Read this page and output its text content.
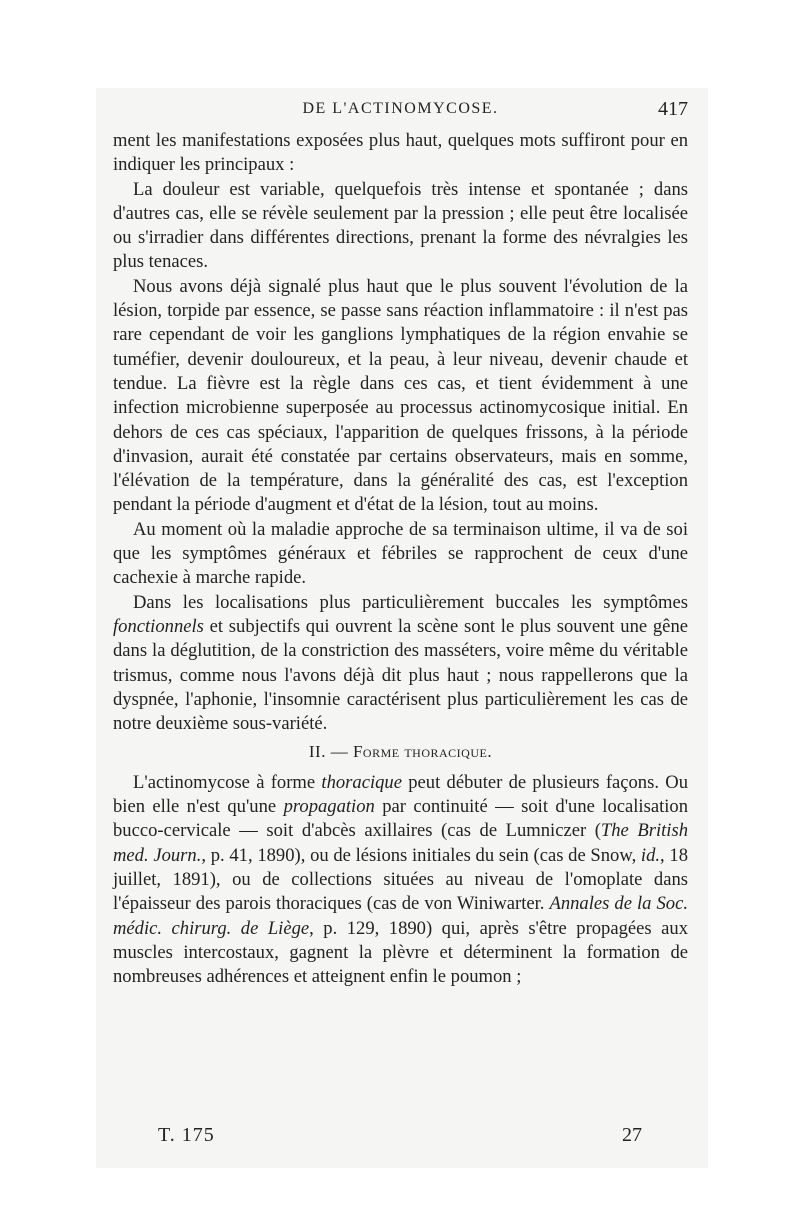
DE L'ACTINOMYCOSE.	417

ment les manifestations exposées plus haut, quelques mots suffiront pour en indiquer les principaux :

La douleur est variable, quelquefois très intense et spontanée ; dans d'autres cas, elle se révèle seulement par la pression ; elle peut être localisée ou s'irradier dans différentes directions, prenant la forme des névralgies les plus tenaces.

Nous avons déjà signalé plus haut que le plus souvent l'évolution de la lésion, torpide par essence, se passe sans réaction inflammatoire : il n'est pas rare cependant de voir les ganglions lymphatiques de la région envahie se tuméfier, devenir douloureux, et la peau, à leur niveau, devenir chaude et tendue. La fièvre est la règle dans ces cas, et tient évidemment à une infection microbienne superposée au processus actinomycosique initial. En dehors de ces cas spéciaux, l'apparition de quelques frissons, à la période d'invasion, aurait été constatée par certains observateurs, mais en somme, l'élévation de la température, dans la généralité des cas, est l'exception pendant la période d'augment et d'état de la lésion, tout au moins.

Au moment où la maladie approche de sa terminaison ultime, il va de soi que les symptômes généraux et fébriles se rapprochent de ceux d'une cachexie à marche rapide.

Dans les localisations plus particulièrement buccales les symptômes fonctionnels et subjectifs qui ouvrent la scène sont le plus souvent une gêne dans la déglutition, de la constriction des masséters, voire même du véritable trismus, comme nous l'avons déjà dit plus haut ; nous rappellerons que la dyspnée, l'aphonie, l'insomnie caractérisent plus particulièrement les cas de notre deuxième sous-variété.

II. — Forme thoracique.

L'actinomycose à forme thoracique peut débuter de plusieurs façons. Ou bien elle n'est qu'une propagation par continuité — soit d'une localisation bucco-cervicale — soit d'abcès axillaires (cas de Lumniczer (The British med. Journ., p. 41, 1890), ou de lésions initiales du sein (cas de Snow, id., 18 juillet, 1891), ou de collections situées au niveau de l'omoplate dans l'épaisseur des parois thoraciques (cas de von Winiwarter. Annales de la Soc. médic. chirurg. de Liège, p. 129, 1890) qui, après s'être propagées aux muscles intercostaux, gagnent la plèvre et déterminent la formation de nombreuses adhérences et atteignent enfin le poumon ;

T. 175	27
